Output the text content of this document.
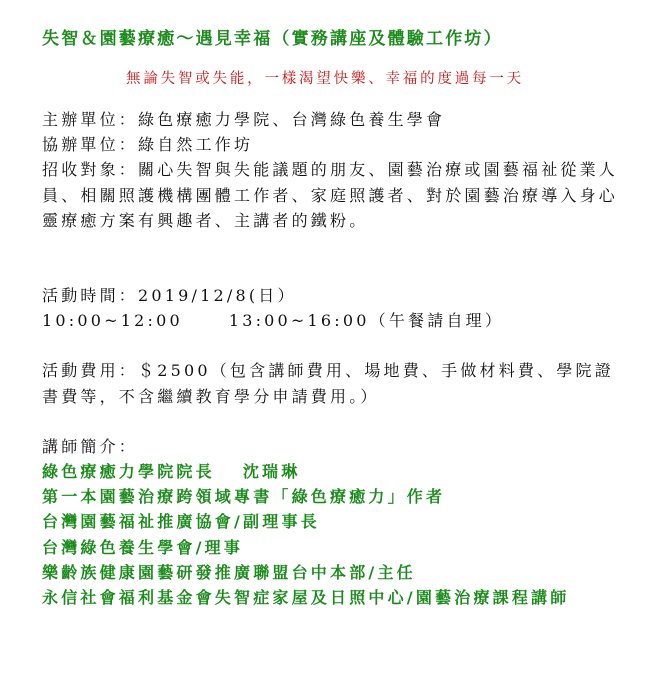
失智＆園藝療癒～遇見幸福（實務講座及體驗工作坊）

無論失智或失能，一樣渴望快樂、幸福的度過每一天

主辦單位：綠色療癒力學院、台灣綠色養生學會
協辦單位：綠自然工作坊
招收對象：關心失智與失能議題的朋友、園藝治療或園藝福祉從業人員、相關照護機構團體工作者、家庭照護者、對於園藝治療導入身心靈療癒方案有興趣者、主講者的鐵粉。
活動時間：2019/12/8(日）
10:00~12:00	13:00~16:00（午餐請自理）
活動費用：＄2500（包含講師費用、場地費、手做材料費、學院證書費等，不含繼續教育學分申請費用。）
講師簡介：
綠色療癒力學院院長 沈瑞琳
第一本園藝治療跨領域專書「綠色療癒力」作者
台灣園藝福祉推廣協會/副理事長
台灣綠色養生學會/理事
樂齡族健康園藝研發推廣聯盟台中本部/主任
永信社會福利基金會失智症家屋及日照中心/園藝治療課程講師
